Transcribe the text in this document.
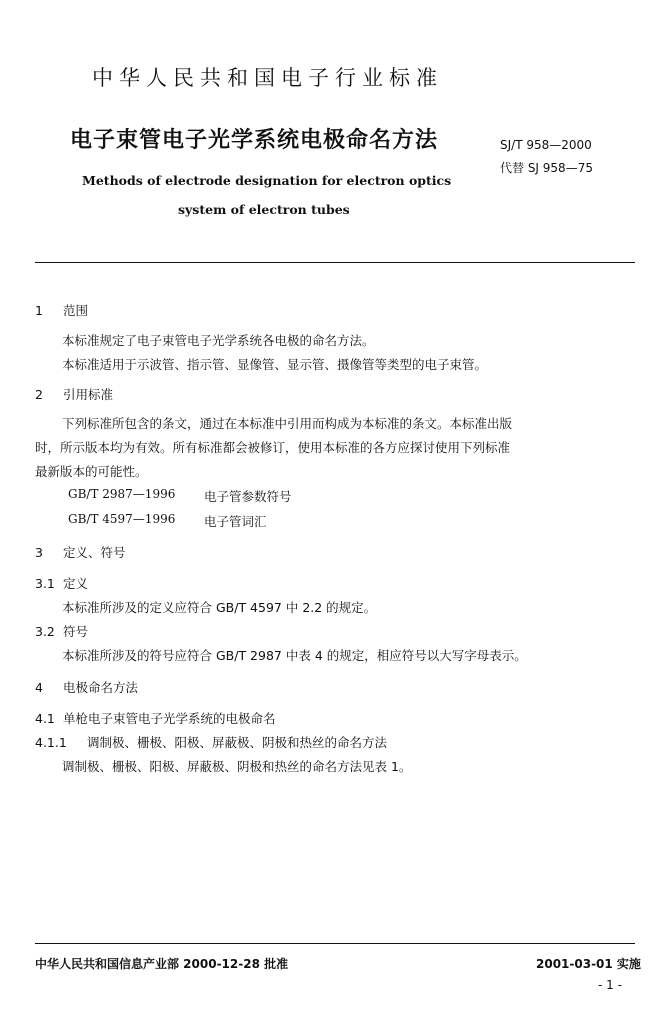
中华人民共和国电子行业标准
电子束管电子光学系统电极命名方法
Methods of electrode designation for electron optics
system of electron tubes
SJ/T 958—2000
代替 SJ 958—75
1 范围
本标准规定了电子束管电子光学系统各电极的命名方法。
本标准适用于示波管、指示管、显像管、显示管、摄像管等类型的电子束管。
2 引用标准
下列标准所包含的条文，通过在本标准中引用而构成为本标准的条文。本标准出版
时，所示版本均为有效。所有标准都会被修订，使用本标准的各方应探讨使用下列标准
最新版本的可能性。
GB/T 2987—1996 电子管参数符号
GB/T 4597—1996 电子管词汇
3 定义、符号
3.1 定义
本标准所涉及的定义应符合 GB/T 4597 中 2.2 的规定。
3.2 符号
本标准所涉及的符号应符合 GB/T 2987 中表 4 的规定，相应符号以大写字母表示。
4 电极命名方法
4.1 单枪电子束管电子光学系统的电极命名
4.1.1 调制极、栅极、阳极、屏蔽极、阴极和热丝的命名方法
调制极、栅极、阳极、屏蔽极、阴极和热丝的命名方法见表 1。
中华人民共和国信息产业部 2000-12-28 批准	2001-03-01 实施
- 1 -
